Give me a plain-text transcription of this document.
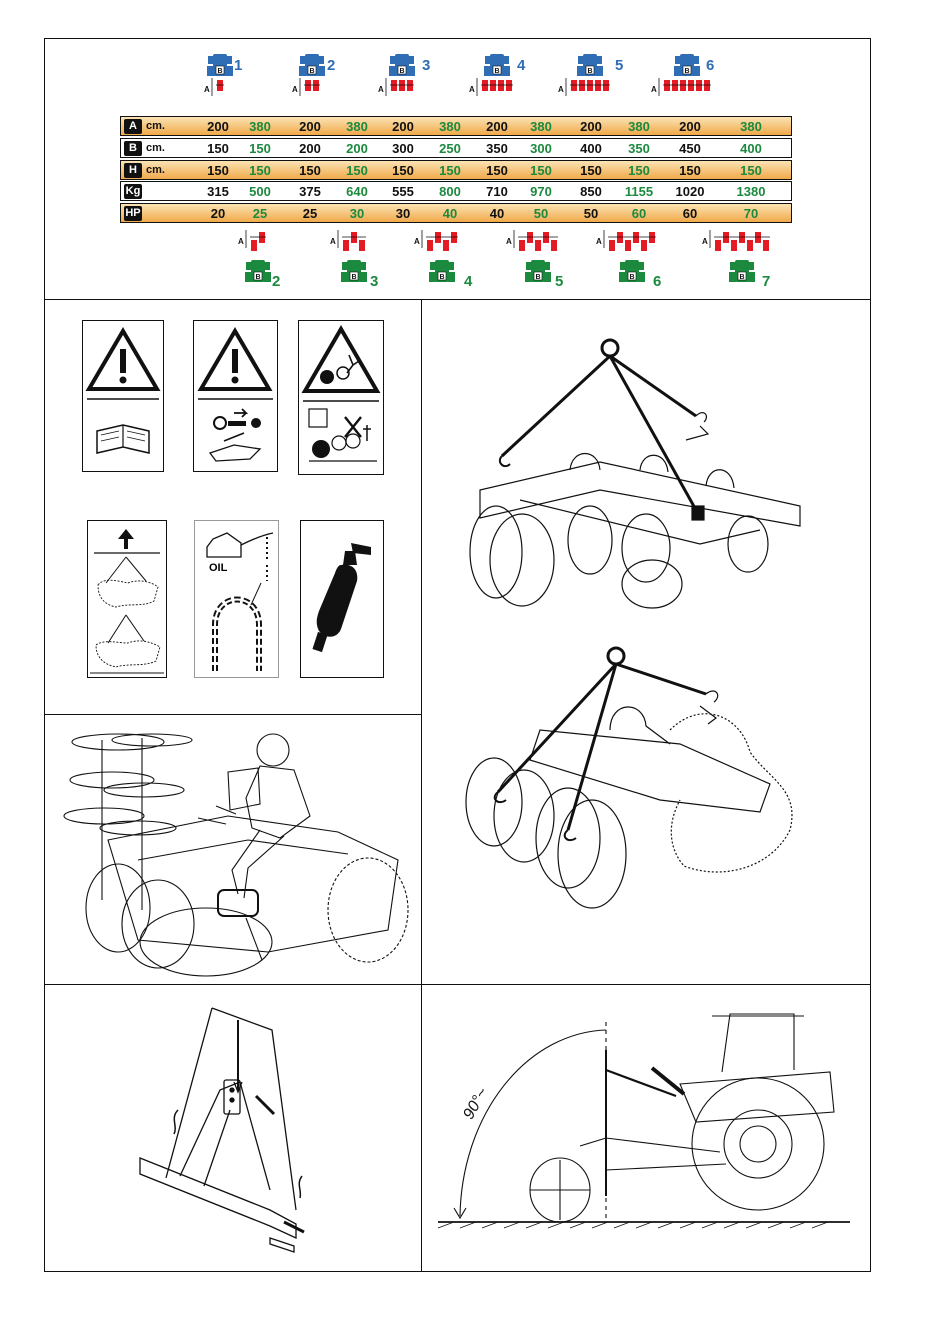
B
A
B
A
B
A
B
A
B
A
B
A
1	2	3	4	5	6
A cm.	200	380	200	380	200	380	200	380	200	380	200	380
B cm.	150	150	200	200	300	250	350	300	400	350	450	400
H cm.	150	150	150	150	150	150	150	150	150	150	150	150
Kg	315	500	375	640	555	800	710	970	850	1155	1020	1380
HP	20	25	25	30	30	40	40	50	50	60	60	70
B
A
B
A
B
A
B
A
B
A
B
A
2	3	4	5	6	7
OIL
90°~
